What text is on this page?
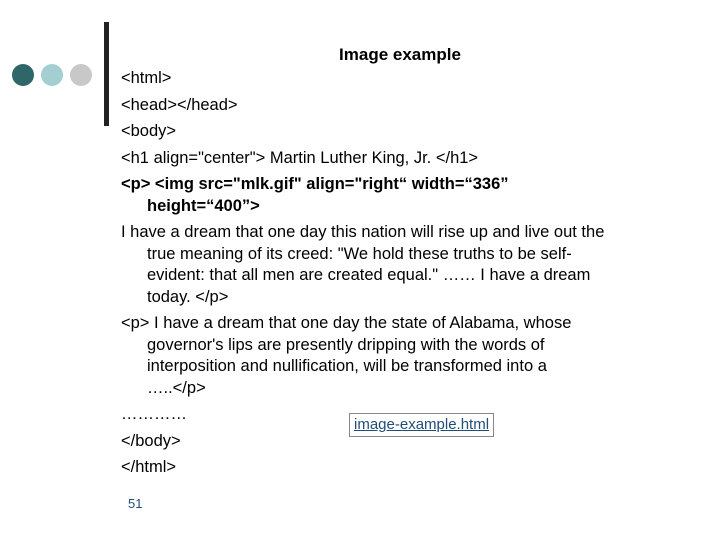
Image example
<html>
<head></head>
<body>
<h1 align="center"> Martin Luther King, Jr. </h1>
<p> <img src="mlk.gif" align="right“ width=“336”
height=“400”>
I have a dream that one day this nation will rise up and live out the
true meaning of its creed: "We hold these truths to be self-
evident: that all men are created equal." …… I have a dream
today. </p>
<p> I have a dream that one day the state of Alabama, whose
governor's lips are presently dripping with the words of
interposition and nullification, will be transformed into a
…..</p>
…………
</body>
</html>
image-example.html
51
